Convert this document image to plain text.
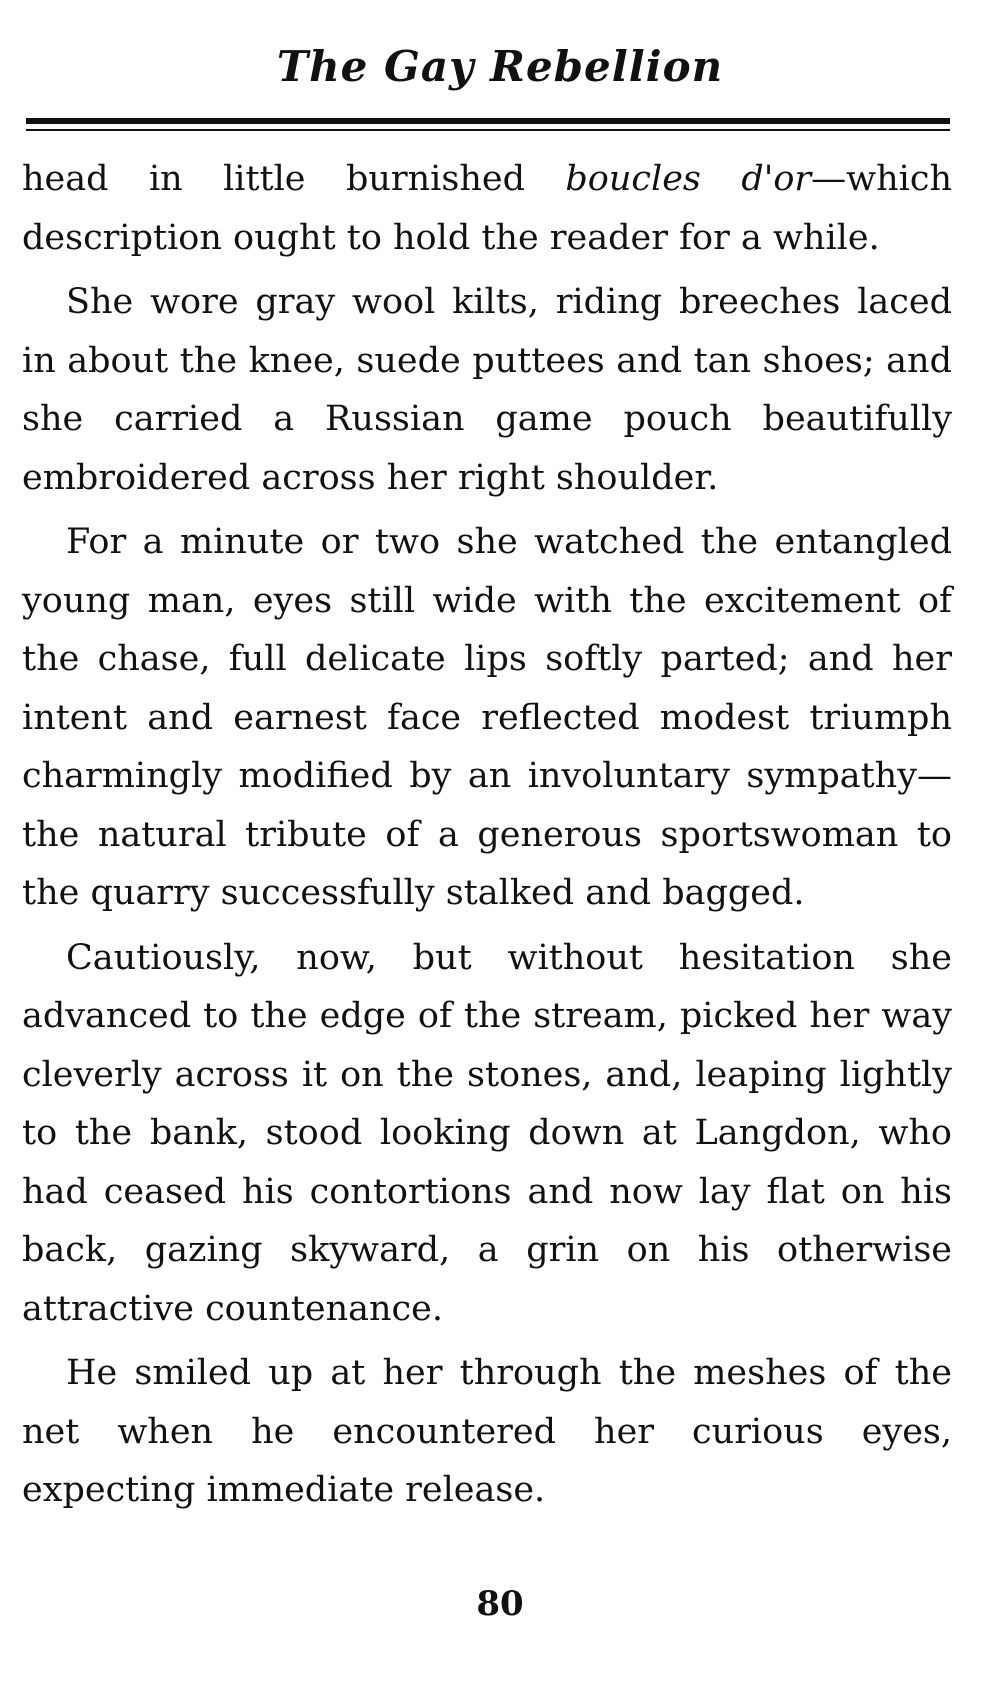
The Gay Rebellion

head in little burnished boucles d'or—which description ought to hold the reader for a while.

She wore gray wool kilts, riding breeches laced in about the knee, suede puttees and tan shoes; and she carried a Russian game pouch beautifully embroidered across her right shoulder.

For a minute or two she watched the entangled young man, eyes still wide with the excitement of the chase, full delicate lips softly parted; and her intent and earnest face reflected modest triumph charmingly modified by an involuntary sympathy—the natural tribute of a generous sportswoman to the quarry successfully stalked and bagged.

Cautiously, now, but without hesitation she advanced to the edge of the stream, picked her way cleverly across it on the stones, and, leaping lightly to the bank, stood looking down at Langdon, who had ceased his contortions and now lay flat on his back, gazing skyward, a grin on his otherwise attractive countenance.

He smiled up at her through the meshes of the net when he encountered her curious eyes, expecting immediate release.

80
